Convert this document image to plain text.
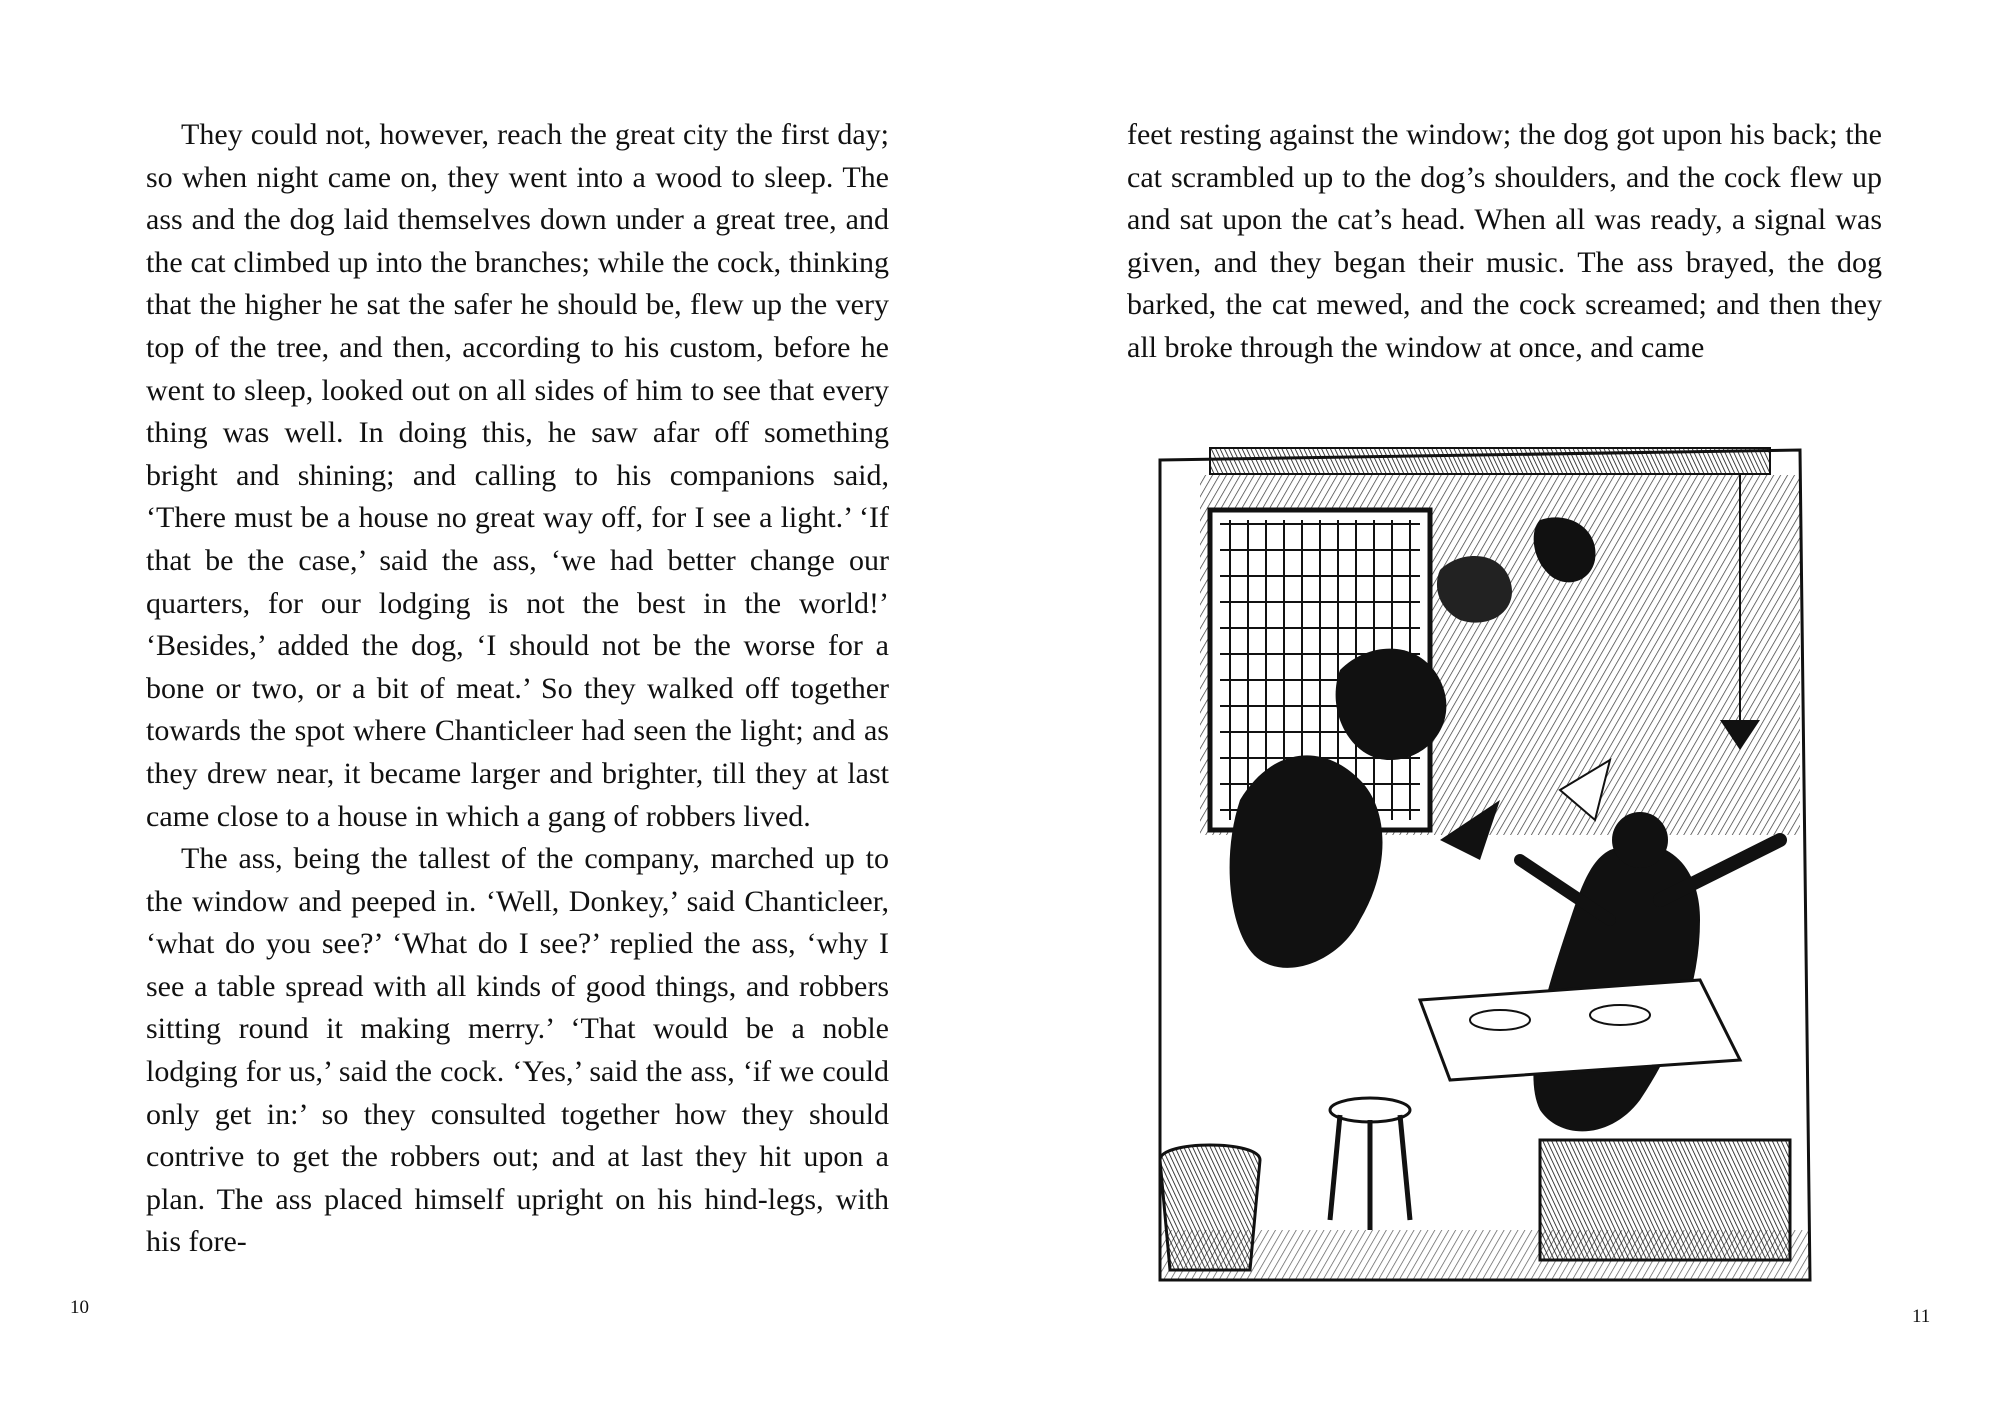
They could not, however, reach the great city the first day; so when night came on, they went into a wood to sleep. The ass and the dog laid themselves down under a great tree, and the cat climbed up into the branches; while the cock, thinking that the higher he sat the safer he should be, flew up the very top of the tree, and then, according to his custom, before he went to sleep, looked out on all sides of him to see that every thing was well. In doing this, he saw afar off something bright and shining; and calling to his companions said, ‘There must be a house no great way off, for I see a light.’ ‘If that be the case,’ said the ass, ‘we had better change our quarters, for our lodging is not the best in the world!’ ‘Besides,’ added the dog, ‘I should not be the worse for a bone or two, or a bit of meat.’ So they walked off together towards the spot where Chanticleer had seen the light; and as they drew near, it became larger and brighter, till they at last came close to a house in which a gang of robbers lived.

The ass, being the tallest of the company, marched up to the window and peeped in. ‘Well, Donkey,’ said Chanticleer, ‘what do you see?’ ‘What do I see?’ replied the ass, ‘why I see a table spread with all kinds of good things, and robbers sitting round it making merry.’ ‘That would be a noble lodging for us,’ said the cock. ‘Yes,’ said the ass, ‘if we could only get in:’ so they consulted together how they should contrive to get the robbers out; and at last they hit upon a plan. The ass placed himself upright on his hind-legs, with his fore-

10

feet resting against the window; the dog got upon his back; the cat scrambled up to the dog’s shoulders, and the cock flew up and sat upon the cat’s head. When all was ready, a signal was given, and they began their music. The ass brayed, the dog barked, the cat mewed, and the cock screamed; and then they all broke through the window at once, and came

11
